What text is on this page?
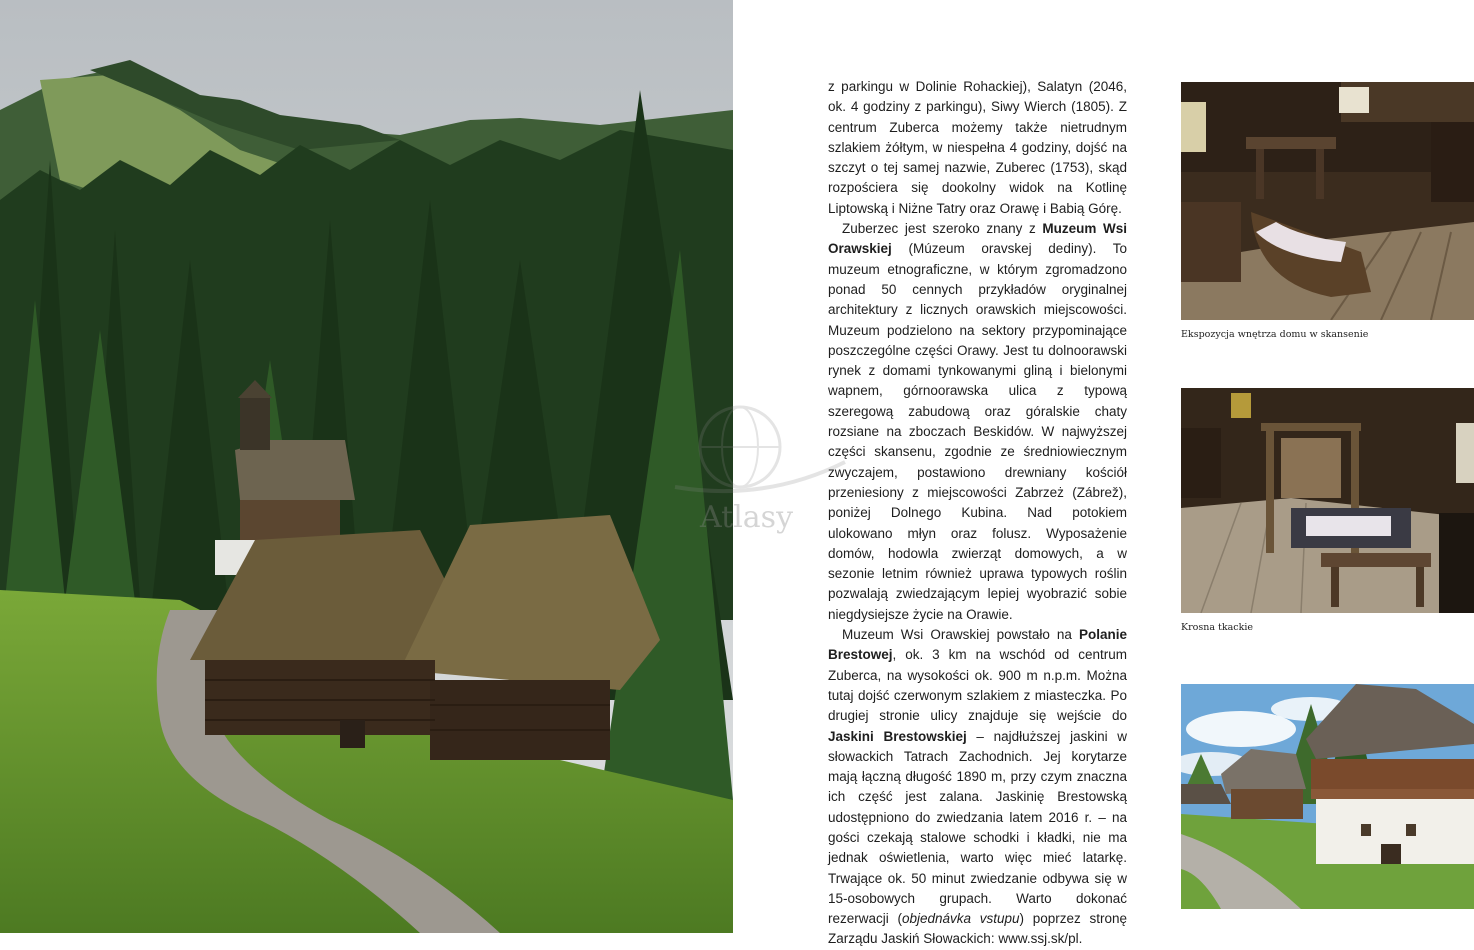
Atlasy

z parkingu w Dolinie Rohackiej), Salatyn (2046, ok. 4 godziny z parkingu), Siwy Wierch (1805). Z centrum Zuberca możemy także nietrudnym szlakiem żółtym, w niespełna 4 godziny, dojść na szczyt o tej samej nazwie, Zuberec (1753), skąd rozpościera się dookolny widok na Kotlinę Liptowską i Niżne Tatry oraz Orawę i Babią Górę.

Zuberzec jest szeroko znany z Muzeum Wsi Orawskiej (Múzeum oravskej dediny). To muzeum etnograficzne, w którym zgromadzono ponad 50 cennych przykładów oryginalnej architektury z licznych orawskich miejscowości. Muzeum podzielono na sektory przypominające poszczególne części Orawy. Jest tu dolnoorawski rynek z domami tynkowanymi gliną i bielonymi wapnem, górnoorawska ulica z typową szeregową zabudową oraz góralskie chaty rozsiane na zboczach Beskidów. W najwyższej części skansenu, zgodnie ze średniowiecznym zwyczajem, postawiono drewniany kościół przeniesiony z miejscowości Zabrzeż (Zábrež), poniżej Dolnego Kubina. Nad potokiem ulokowano młyn oraz folusz. Wyposażenie domów, hodowla zwierząt domowych, a w sezonie letnim również uprawa typowych roślin pozwalają zwiedzającym lepiej wyobrazić sobie niegdysiejsze życie na Orawie.

Muzeum Wsi Orawskiej powstało na Polanie Brestowej, ok. 3 km na wschód od centrum Zuberca, na wysokości ok. 900 m n.p.m. Można tutaj dojść czerwonym szlakiem z miasteczka. Po drugiej stronie ulicy znajduje się wejście do Jaskini Brestowskiej – najdłuższej jaskini w słowackich Tatrach Zachodnich. Jej korytarze mają łączną długość 1890 m, przy czym znaczna ich część jest zalana. Jaskinię Brestowską udostępniono do zwiedzania latem 2016 r. – na gości czekają stalowe schodki i kładki, nie ma jednak oświetlenia, warto więc mieć latarkę. Trwające ok. 50 minut zwiedzanie odbywa się w 15-osobowych grupach. Warto dokonać rezerwacji (objednávka vstupu) poprzez stronę Zarządu Jaskiń Słowackich: www.ssj.sk/pl.

Ekspozycja wnętrza domu w skansenie
Krosna tkackie
